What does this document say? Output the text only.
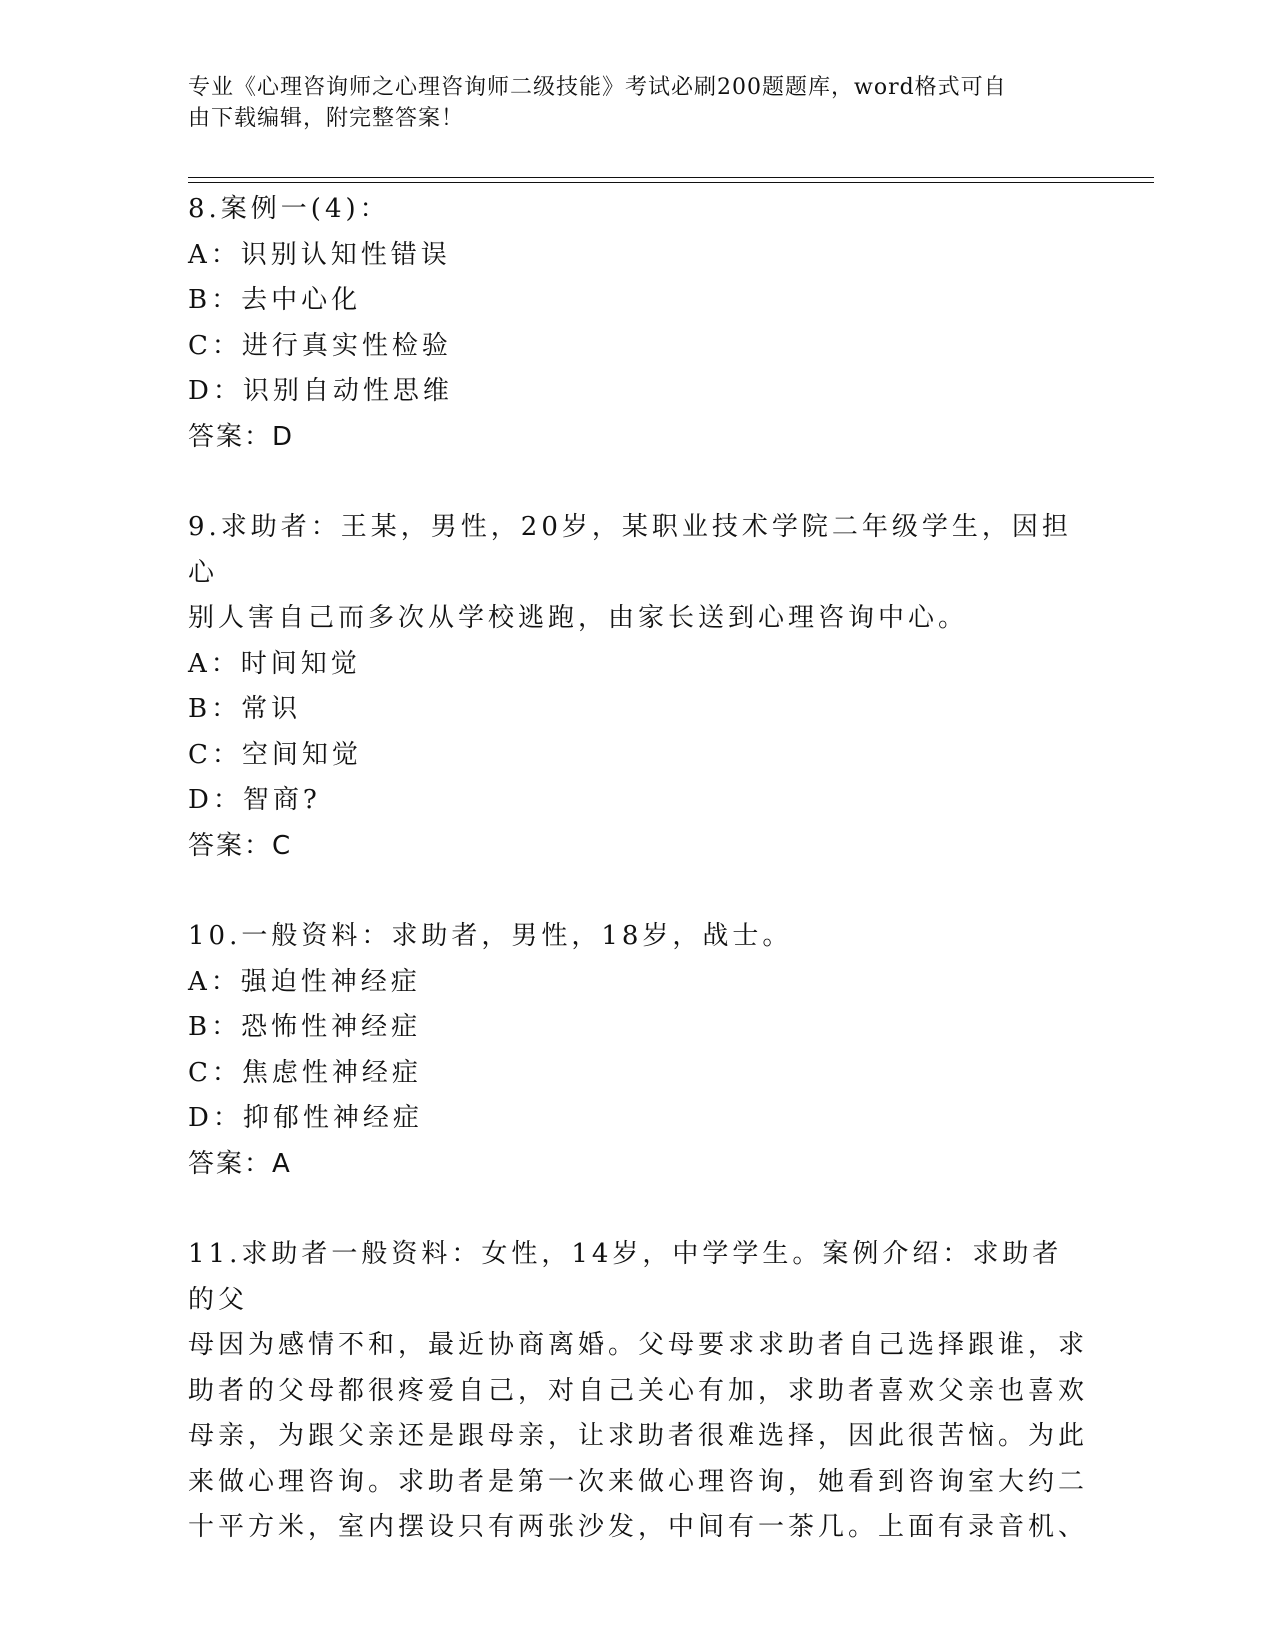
专业《心理咨询师之心理咨询师二级技能》考试必刷200题题库，word格式可自
由下载编辑，附完整答案！
8.案例一(4)：
A：识别认知性错误
B：去中心化
C：进行真实性检验
D：识别自动性思维
答案：D
9.求助者：王某，男性，20岁，某职业技术学院二年级学生，因担心
别人害自己而多次从学校逃跑，由家长送到心理咨询中心。
A：时间知觉
B：常识
C：空间知觉
D：智商?
答案：C
10.一般资料：求助者，男性，18岁，战士。
A：强迫性神经症
B：恐怖性神经症
C：焦虑性神经症
D：抑郁性神经症
答案：A
11.求助者一般资料：女性，14岁，中学学生。案例介绍：求助者的父
母因为感情不和，最近协商离婚。父母要求求助者自己选择跟谁，求
助者的父母都很疼爱自己，对自己关心有加，求助者喜欢父亲也喜欢
母亲，为跟父亲还是跟母亲，让求助者很难选择，因此很苦恼。为此
来做心理咨询。求助者是第一次来做心理咨询，她看到咨询室大约二
十平方米，室内摆设只有两张沙发，中间有一茶几。上面有录音机、
